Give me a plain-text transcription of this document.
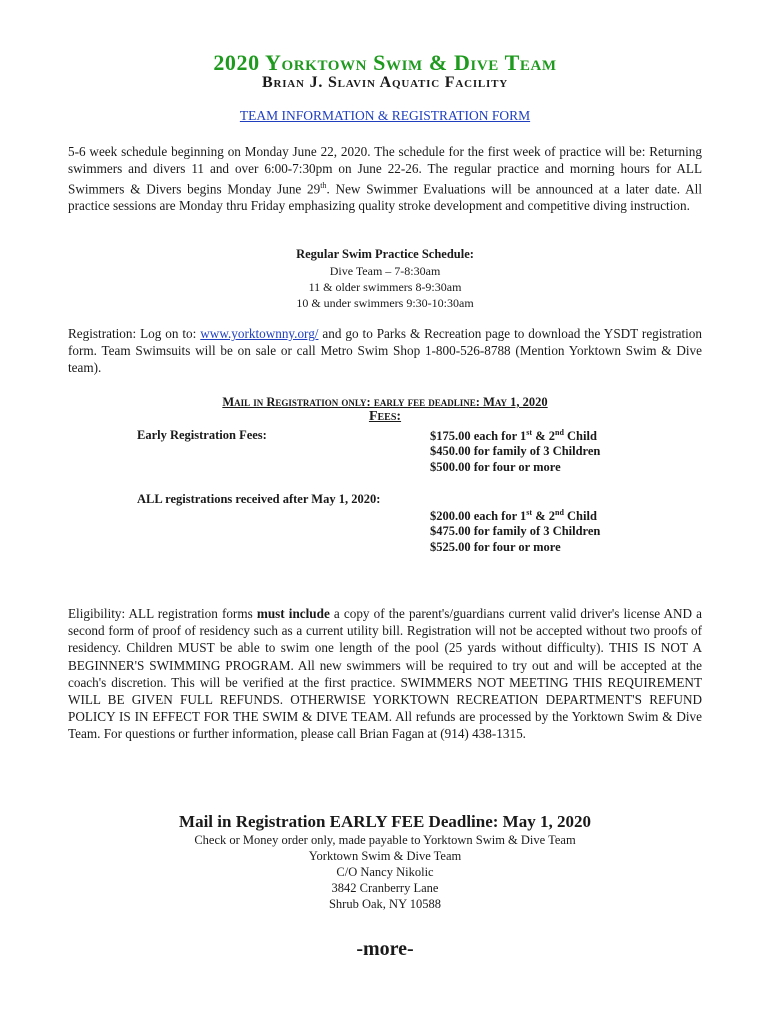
2020 Yorktown Swim & Dive Team
Brian J. Slavin Aquatic Facility
TEAM INFORMATION & REGISTRATION FORM
5-6 week schedule beginning on Monday June 22, 2020. The schedule for the first week of practice will be: Returning swimmers and divers 11 and over 6:00-7:30pm on June 22-26. The regular practice and morning hours for ALL Swimmers & Divers begins Monday June 29th. New Swimmer Evaluations will be announced at a later date. All practice sessions are Monday thru Friday emphasizing quality stroke development and competitive diving instruction.
Regular Swim Practice Schedule:
Dive Team – 7-8:30am
11 & older swimmers 8-9:30am
10 & under swimmers 9:30-10:30am
Registration: Log on to: www.yorktownny.org/ and go to Parks & Recreation page to download the YSDT registration form. Team Swimsuits will be on sale or call Metro Swim Shop 1-800-526-8788 (Mention Yorktown Swim & Dive team).
Mail in Registration only: early fee deadline: May 1, 2020
Fees:
Early Registration Fees:	$175.00 each for 1st & 2nd Child
$450.00 for family of 3 Children
$500.00 for four or more
ALL registrations received after May 1, 2020:
$200.00 each for 1st & 2nd Child
$475.00 for family of 3 Children
$525.00 for four or more
Eligibility: ALL registration forms must include a copy of the parent's/guardians current valid driver's license AND a second form of proof of residency such as a current utility bill. Registration will not be accepted without two proofs of residency. Children MUST be able to swim one length of the pool (25 yards without difficulty). THIS IS NOT A BEGINNER'S SWIMMING PROGRAM. All new swimmers will be required to try out and will be accepted at the coach's discretion. This will be verified at the first practice. SWIMMERS NOT MEETING THIS REQUIREMENT WILL BE GIVEN FULL REFUNDS. OTHERWISE YORKTOWN RECREATION DEPARTMENT'S REFUND POLICY IS IN EFFECT FOR THE SWIM & DIVE TEAM. All refunds are processed by the Yorktown Swim & Dive Team. For questions or further information, please call Brian Fagan at (914) 438-1315.
Mail in Registration EARLY FEE Deadline: May 1, 2020
Check or Money order only, made payable to Yorktown Swim & Dive Team
Yorktown Swim & Dive Team
C/O Nancy Nikolic
3842 Cranberry Lane
Shrub Oak, NY 10588
-more-
